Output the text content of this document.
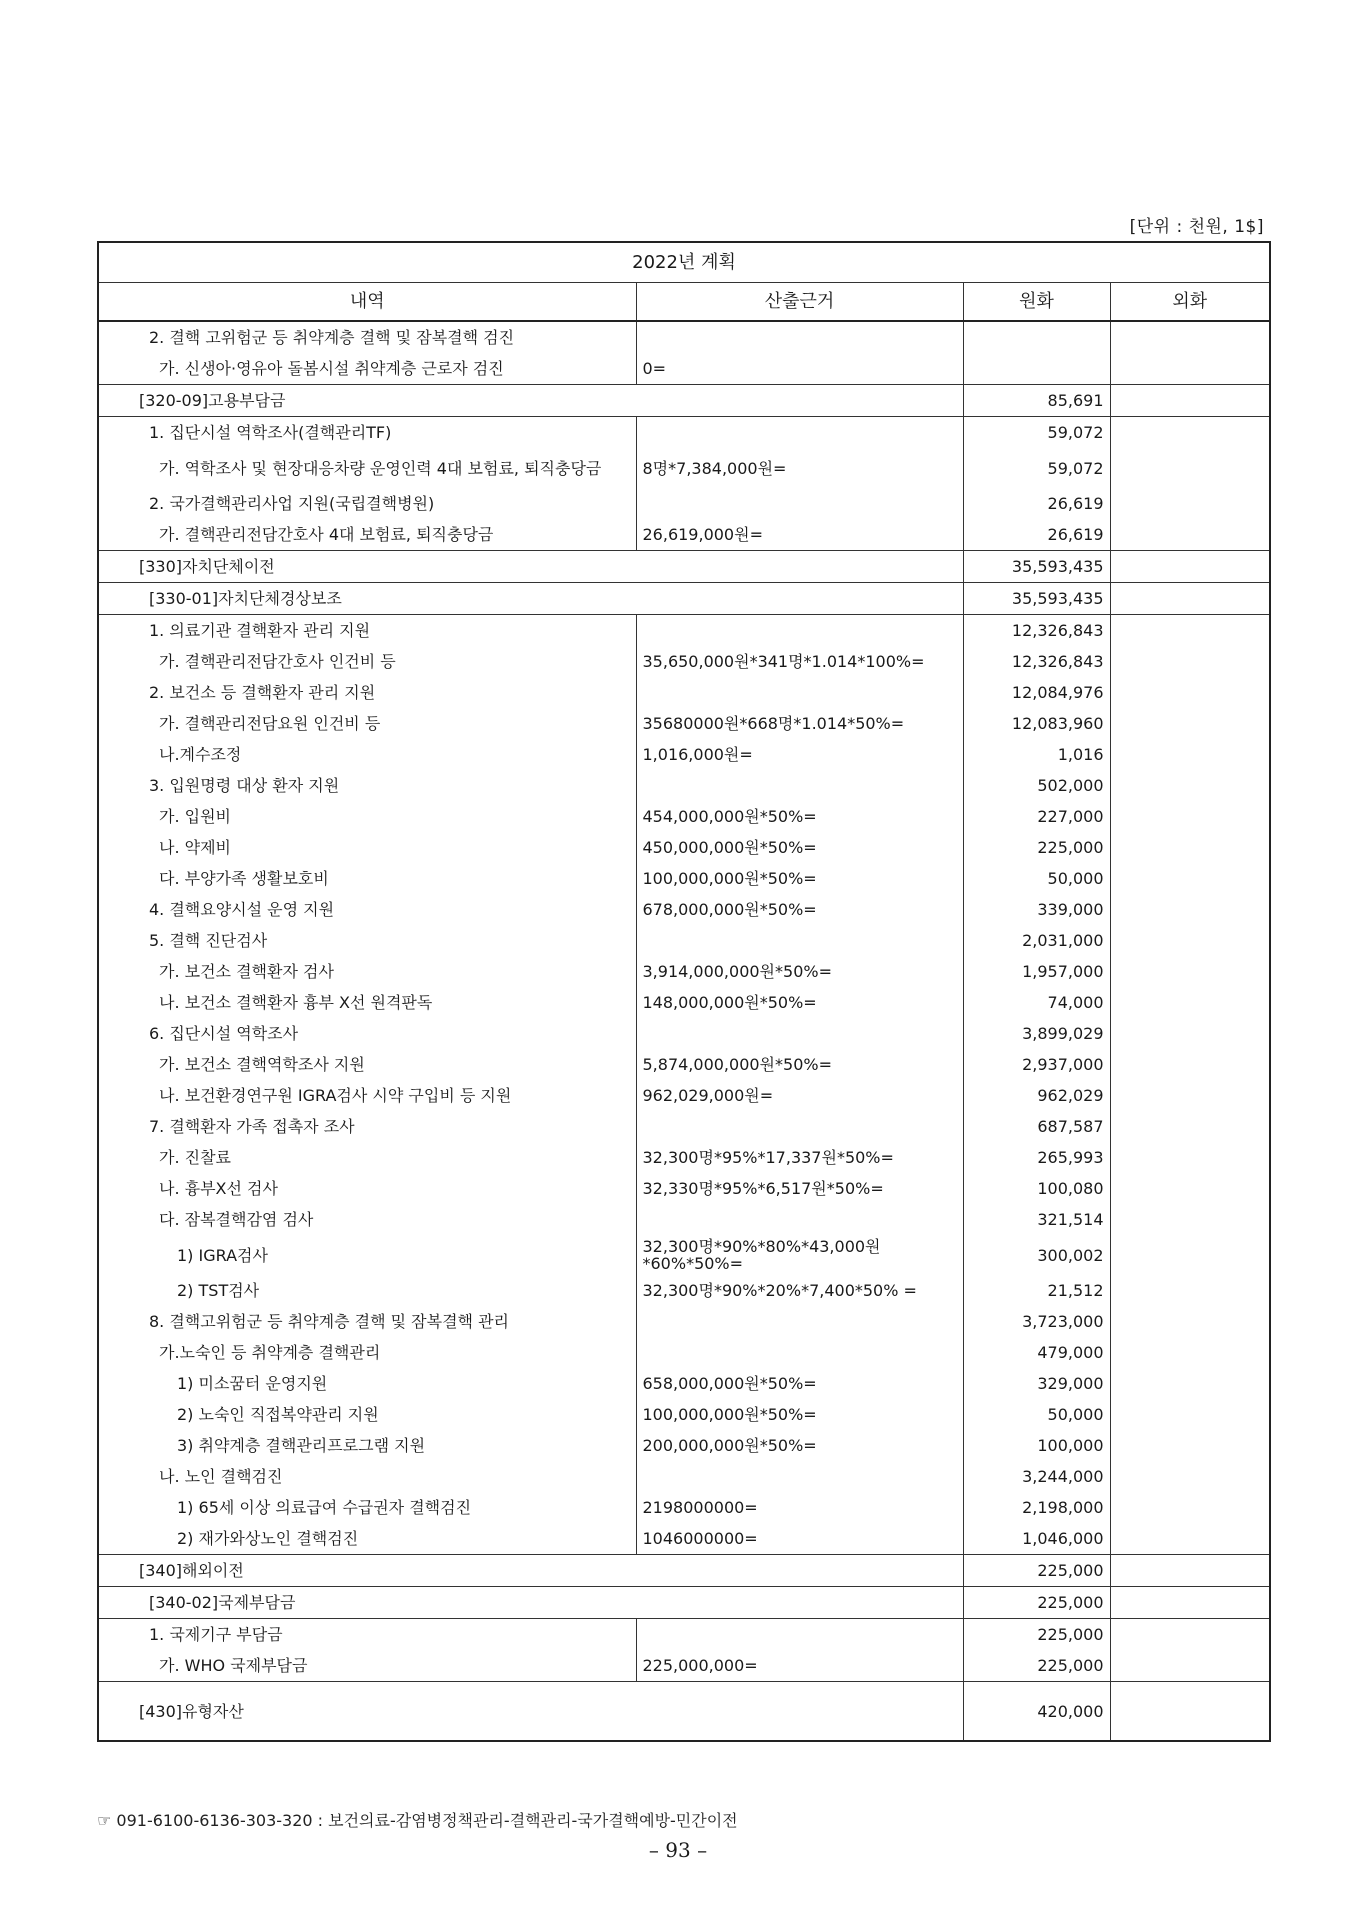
[단위 : 천원, 1$]
2022년 계획			
내역	산출근거	원화	외화
2. 결핵 고위험군 등 취약계층 결핵 및 잠복결핵 검진			
가. 신생아·영유아 돌봄시설 취약계층 근로자 검진	0=		
[320-09]고용부담금		85,691	
1. 집단시설 역학조사(결핵관리TF)		59,072	
가. 역학조사 및 현장대응차량 운영인력 4대 보험료, 퇴직충당금	8명*7,384,000원=	59,072	
2. 국가결핵관리사업 지원(국립결핵병원)		26,619	
가. 결핵관리전담간호사 4대 보험료, 퇴직충당금	26,619,000원=	26,619	
[330]자치단체이전		35,593,435	
[330-01]자치단체경상보조		35,593,435	
1. 의료기관 결핵환자 관리 지원		12,326,843	
가. 결핵관리전담간호사 인건비 등	35,650,000원*341명*1.014*100%=	12,326,843	
2. 보건소 등 결핵환자 관리 지원		12,084,976	
가. 결핵관리전담요원 인건비 등	35680000원*668명*1.014*50%=	12,083,960	
나.계수조정	1,016,000원=	1,016	
3. 입원명령 대상 환자 지원		502,000	
가. 입원비	454,000,000원*50%=	227,000	
나. 약제비	450,000,000원*50%=	225,000	
다. 부양가족 생활보호비	100,000,000원*50%=	50,000	
4. 결핵요양시설 운영 지원	678,000,000원*50%=	339,000	
5. 결핵 진단검사		2,031,000	
가. 보건소 결핵환자 검사	3,914,000,000원*50%=	1,957,000	
나. 보건소 결핵환자 흉부 X선 원격판독	148,000,000원*50%=	74,000	
6. 집단시설 역학조사		3,899,029	
가. 보건소 결핵역학조사 지원	5,874,000,000원*50%=	2,937,000	
나. 보건환경연구원 IGRA검사 시약 구입비 등 지원	962,029,000원=	962,029	
7. 결핵환자 가족 접촉자 조사		687,587	
가. 진찰료	32,300명*95%*17,337원*50%=	265,993	
나. 흉부X선 검사	32,330명*95%*6,517원*50%=	100,080	
다. 잠복결핵감염 검사		321,514	
1) IGRA검사	32,300명*90%*80%*43,000원*60%*50%=	300,002	
2) TST검사	32,300명*90%*20%*7,400*50% =	21,512	
8. 결핵고위험군 등 취약계층 결핵 및 잠복결핵 관리		3,723,000	
가.노숙인 등 취약계층 결핵관리		479,000	
1) 미소꿈터 운영지원	658,000,000원*50%=	329,000	
2) 노숙인 직접복약관리 지원	100,000,000원*50%=	50,000	
3) 취약계층 결핵관리프로그램 지원	200,000,000원*50%=	100,000	
나. 노인 결핵검진		3,244,000	
1) 65세 이상 의료급여 수급권자 결핵검진	2198000000=	2,198,000	
2) 재가와상노인 결핵검진	1046000000=	1,046,000	
[340]해외이전		225,000	
[340-02]국제부담금		225,000	
1. 국제기구 부담금		225,000	
가. WHO 국제부담금	225,000,000=	225,000	
[430]유형자산		420,000	
☞ 091-6100-6136-303-320 : 보건의료-감염병정책관리-결핵관리-국가결핵예방-민간이전
– 93 –
